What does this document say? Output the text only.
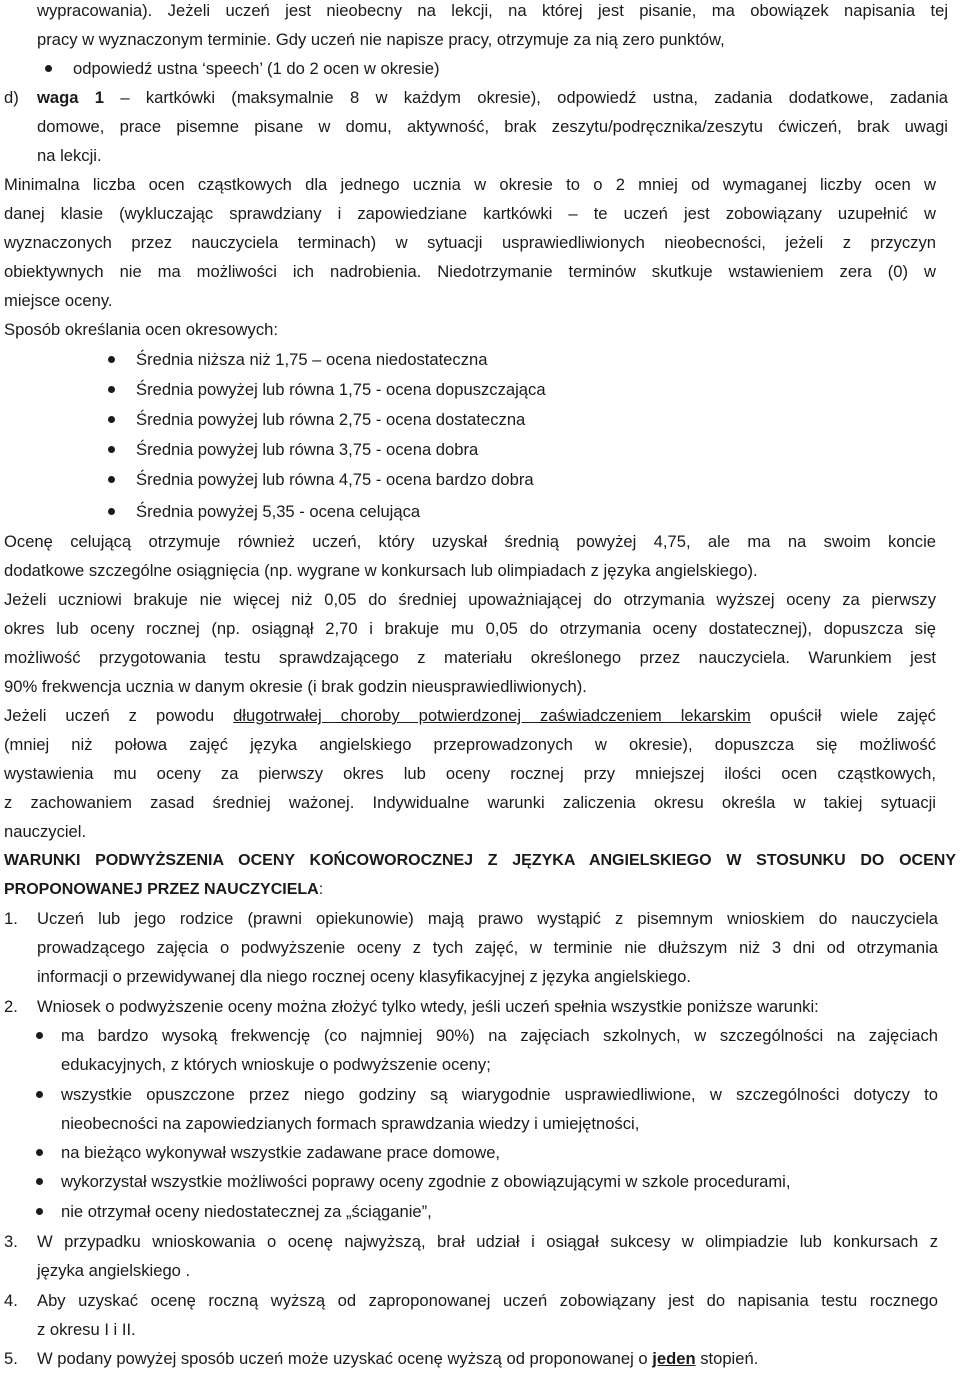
wypracowania). Jeżeli uczeń jest nieobecny na lekcji, na której jest pisanie, ma obowiązek napisania tej
pracy w wyznaczonym terminie. Gdy uczeń nie napisze pracy, otrzymuje za nią zero punktów,
odpowiedź ustna ‘speech’ (1 do 2 ocen w okresie)
d) waga 1 – kartkówki (maksymalnie 8 w każdym okresie), odpowiedź ustna, zadania dodatkowe, zadania
domowe, prace pisemne pisane w domu, aktywność, brak zeszytu/podręcznika/zeszytu ćwiczeń, brak uwagi
na lekcji.
Minimalna liczba ocen cząstkowych dla jednego ucznia w okresie to o 2 mniej od wymaganej liczby ocen w
danej klasie (wykluczając sprawdziany i zapowiedziane kartkówki – te uczeń jest zobowiązany uzupełnić w
wyznaczonych przez nauczyciela terminach) w sytuacji usprawiedliwionych nieobecności, jeżeli z przyczyn
obiektywnych nie ma możliwości ich nadrobienia. Niedotrzymanie terminów skutkuje wstawieniem zera (0) w
miejsce oceny.
Sposób określania ocen okresowych:
Średnia niższa niż 1,75 – ocena niedostateczna
Średnia powyżej lub równa 1,75 - ocena dopuszczająca
Średnia powyżej lub równa 2,75 - ocena dostateczna
Średnia powyżej lub równa 3,75 - ocena dobra
Średnia powyżej lub równa 4,75 - ocena bardzo dobra
Średnia powyżej 5,35 - ocena celująca
Ocenę celującą otrzymuje również uczeń, który uzyskał średnią powyżej 4,75, ale ma na swoim koncie
dodatkowe szczególne osiągnięcia (np. wygrane w konkursach lub olimpiadach z języka angielskiego).
Jeżeli uczniowi brakuje nie więcej niż 0,05 do średniej upoważniającej do otrzymania wyższej oceny za pierwszy
okres lub oceny rocznej (np. osiągnął 2,70 i brakuje mu 0,05 do otrzymania oceny dostatecznej), dopuszcza się
możliwość przygotowania testu sprawdzającego z materiału określonego przez nauczyciela. Warunkiem jest
90% frekwencja ucznia w danym okresie (i brak godzin nieusprawiedliwionych).
Jeżeli uczeń z powodu długotrwałej choroby potwierdzonej zaświadczeniem lekarskim opuścił wiele zajęć
(mniej niż połowa zajęć języka angielskiego przeprowadzonych w okresie), dopuszcza się możliwość
wystawienia mu oceny za pierwszy okres lub oceny rocznej przy mniejszej ilości ocen cząstkowych,
z zachowaniem zasad średniej ważonej. Indywidualne warunki zaliczenia okresu określa w takiej sytuacji
nauczyciel.
WARUNKI PODWYŻSZENIA OCENY KOŃCOWOROCZNEJ Z JĘZYKA ANGIELSKIEGO W STOSUNKU DO OCENY
PROPONOWANEJ PRZEZ NAUCZYCIELA:
1. Uczeń lub jego rodzice (prawni opiekunowie) mają prawo wystąpić z pisemnym wnioskiem do nauczyciela
prowadzącego zajęcia o podwyższenie oceny z tych zajęć, w terminie nie dłuższym niż 3 dni od otrzymania
informacji o przewidywanej dla niego rocznej oceny klasyfikacyjnej z języka angielskiego.
2. Wniosek o podwyższenie oceny można złożyć tylko wtedy, jeśli uczeń spełnia wszystkie poniższe warunki:
ma bardzo wysoką frekwencję (co najmniej 90%) na zajęciach szkolnych, w szczególności na zajęciach
edukacyjnych, z których wnioskuje o podwyższenie oceny;
wszystkie opuszczone przez niego godziny są wiarygodnie usprawiedliwione, w szczególności dotyczy to
nieobecności na zapowiedzianych formach sprawdzania wiedzy i umiejętności,
na bieżąco wykonywał wszystkie zadawane prace domowe,
wykorzystał wszystkie możliwości poprawy oceny zgodnie z obowiązującymi w szkole procedurami,
nie otrzymał oceny niedostatecznej za „ściąganie”,
3. W przypadku wnioskowania o ocenę najwyższą, brał udział i osiągał sukcesy w olimpiadzie lub konkursach z
języka angielskiego .
4. Aby uzyskać ocenę roczną wyższą od zaproponowanej uczeń zobowiązany jest do napisania testu rocznego
z okresu I i II.
5. W podany powyżej sposób uczeń może uzyskać ocenę wyższą od proponowanej o jeden stopień.
